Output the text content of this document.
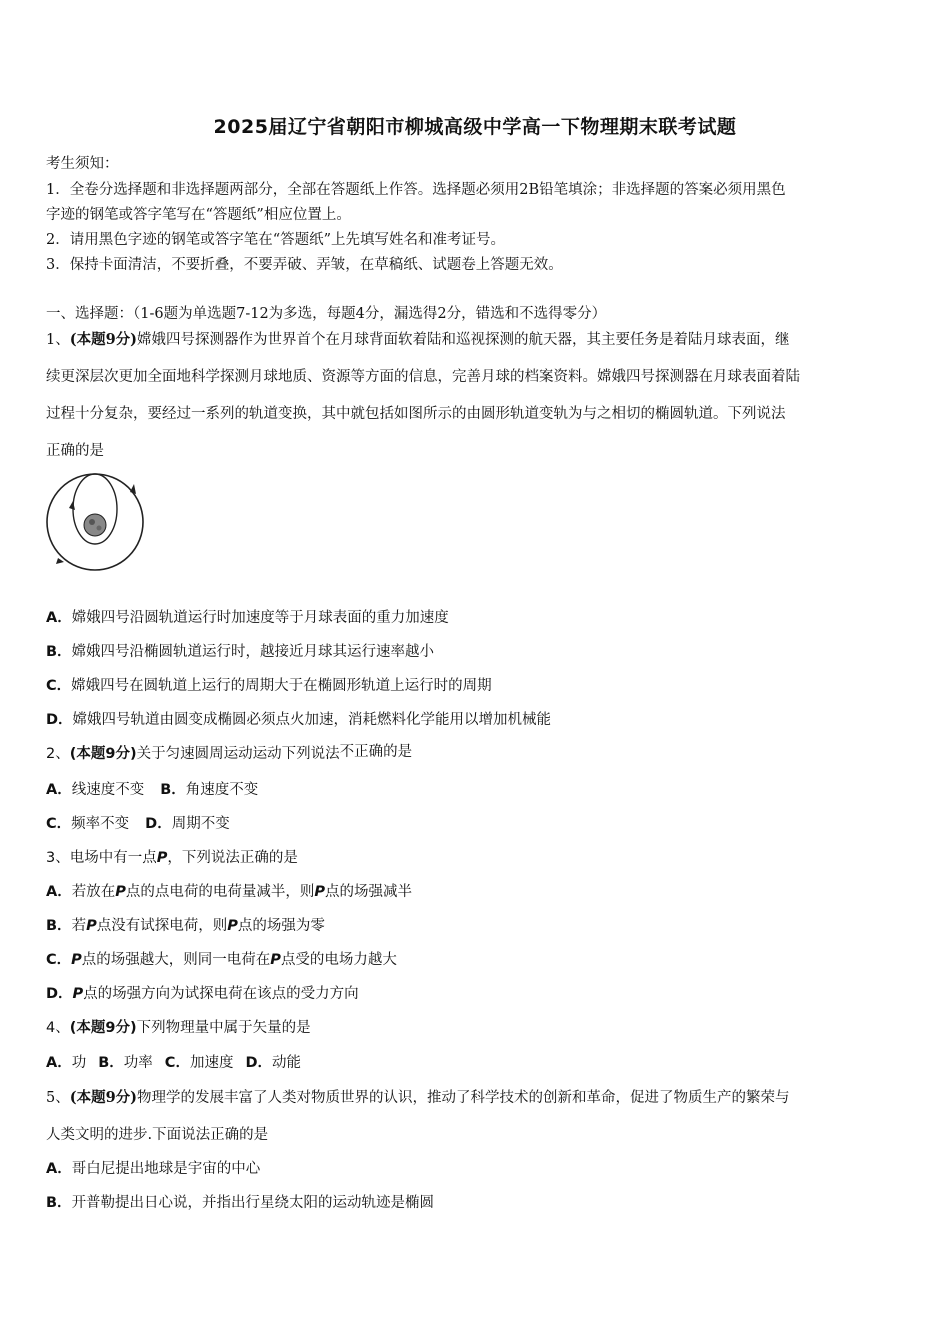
2025届辽宁省朝阳市柳城高级中学高一下物理期末联考试题
考生须知：
1．全卷分选择题和非选择题两部分，全部在答题纸上作答。选择题必须用2B铅笔填涂；非选择题的答案必须用黑色
字迹的钢笔或答字笔写在“答题纸”相应位置上。
2．请用黑色字迹的钢笔或答字笔在“答题纸”上先填写姓名和准考证号。
3．保持卡面清洁，不要折叠，不要弄破、弄皱，在草稿纸、试题卷上答题无效。
一、选择题：（1-6题为单选题7-12为多选，每题4分，漏选得2分，错选和不选得零分）
1、(本题9分)嫦娥四号探测器作为世界首个在月球背面软着陆和巡视探测的航天器，其主要任务是着陆月球表面，继
续更深层次更加全面地科学探测月球地质、资源等方面的信息，完善月球的档案资料。嫦娥四号探测器在月球表面着陆
过程十分复杂，要经过一系列的轨道变换，其中就包括如图所示的由圆形轨道变轨为与之相切的椭圆轨道。下列说法
正确的是
A．嫦娥四号沿圆轨道运行时加速度等于月球表面的重力加速度
B．嫦娥四号沿椭圆轨道运行时，越接近月球其运行速率越小
C．嫦娥四号在圆轨道上运行的周期大于在椭圆形轨道上运行时的周期
D．嫦娥四号轨道由圆变成椭圆必须点火加速，消耗燃料化学能用以增加机械能
2、(本题9分)关于匀速圆周运动运动下列说法不正确的是
A．线速度不变 B．角速度不变
C．频率不变 D．周期不变
3、电场中有一点P，下列说法正确的是
A．若放在P点的点电荷的电荷量减半，则P点的场强减半
B．若P点没有试探电荷，则P点的场强为零
C．P点的场强越大，则同一电荷在P点受的电场力越大
D．P点的场强方向为试探电荷在该点的受力方向
4、(本题9分)下列物理量中属于矢量的是
A．功 B．功率 C．加速度 D．动能
5、(本题9分)物理学的发展丰富了人类对物质世界的认识，推动了科学技术的创新和革命，促进了物质生产的繁荣与
人类文明的进步.下面说法正确的是
A．哥白尼提出地球是宇宙的中心
B．开普勒提出日心说，并指出行星绕太阳的运动轨迹是椭圆
